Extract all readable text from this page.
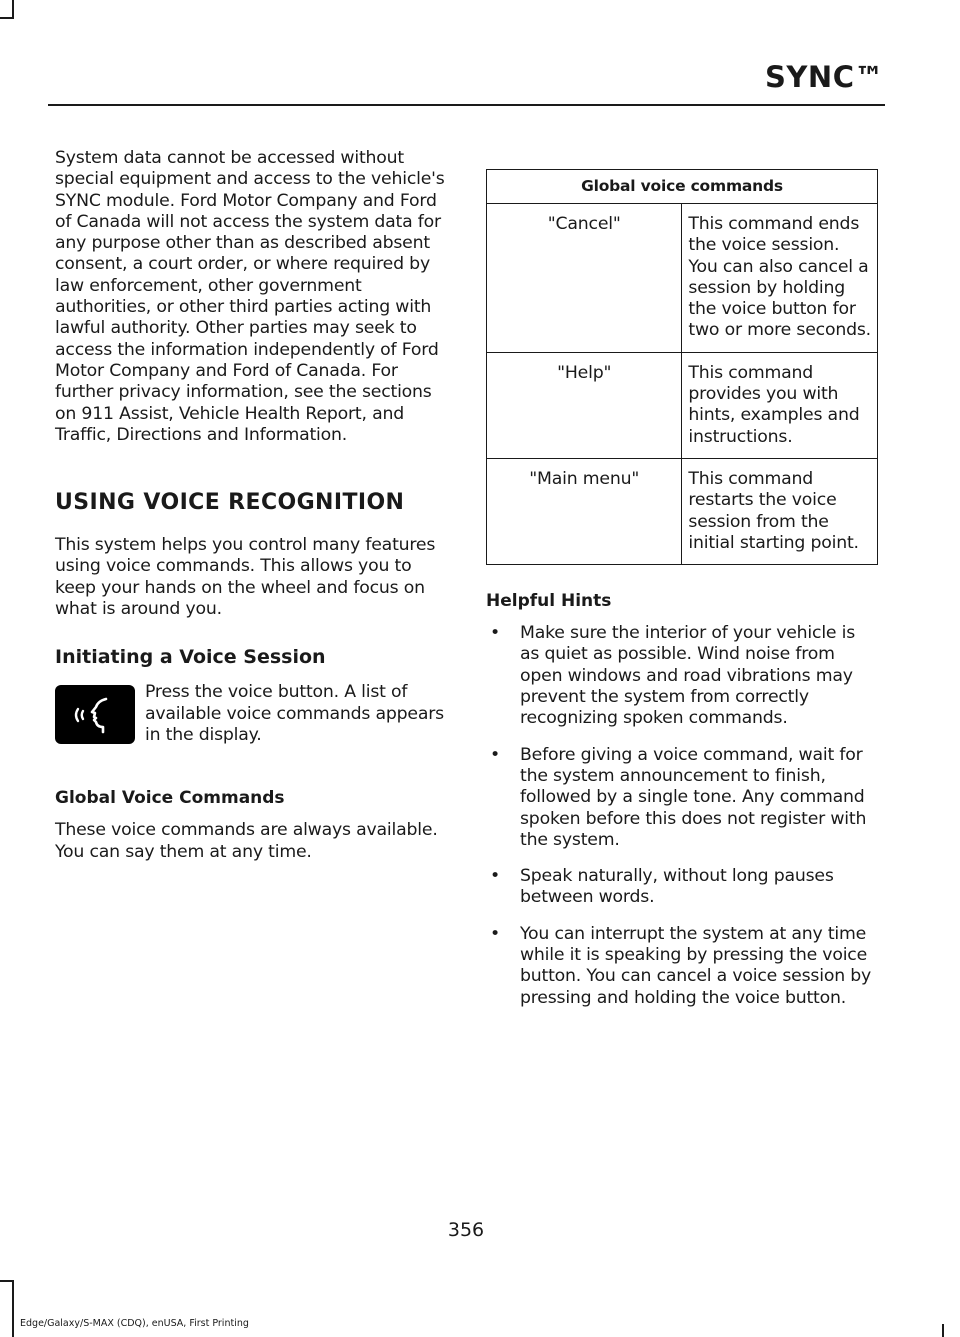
SYNC™

System data cannot be accessed without special equipment and access to the vehicle's SYNC module. Ford Motor Company and Ford of Canada will not access the system data for any purpose other than as described absent consent, a court order, or where required by law enforcement, other government authorities, or other third parties acting with lawful authority. Other parties may seek to access the information independently of Ford Motor Company and Ford of Canada. For further privacy information, see the sections on 911 Assist, Vehicle Health Report, and Traffic, Directions and Information.

USING VOICE RECOGNITION

This system helps you control many features using voice commands. This allows you to keep your hands on the wheel and focus on what is around you.

Initiating a Voice Session

Press the voice button. A list of available voice commands appears in the display.

Global Voice Commands

These voice commands are always available. You can say them at any time.

Global voice commands	
"Cancel"	This command ends the voice session. You can also cancel a session by holding the voice button for two or more seconds.
"Help"	This command provides you with hints, examples and instructions.
"Main menu"	This command restarts the voice session from the initial starting point.
Helpful Hints
• Make sure the interior of your vehicle is as quiet as possible. Wind noise from open windows and road vibrations may prevent the system from correctly recognizing spoken commands.
• Before giving a voice command, wait for the system announcement to finish, followed by a single tone. Any command spoken before this does not register with the system.
• Speak naturally, without long pauses between words.
• You can interrupt the system at any time while it is speaking by pressing the voice button. You can cancel a voice session by pressing and holding the voice button.
356
Edge/Galaxy/S-MAX (CDQ), enUSA, First Printing
